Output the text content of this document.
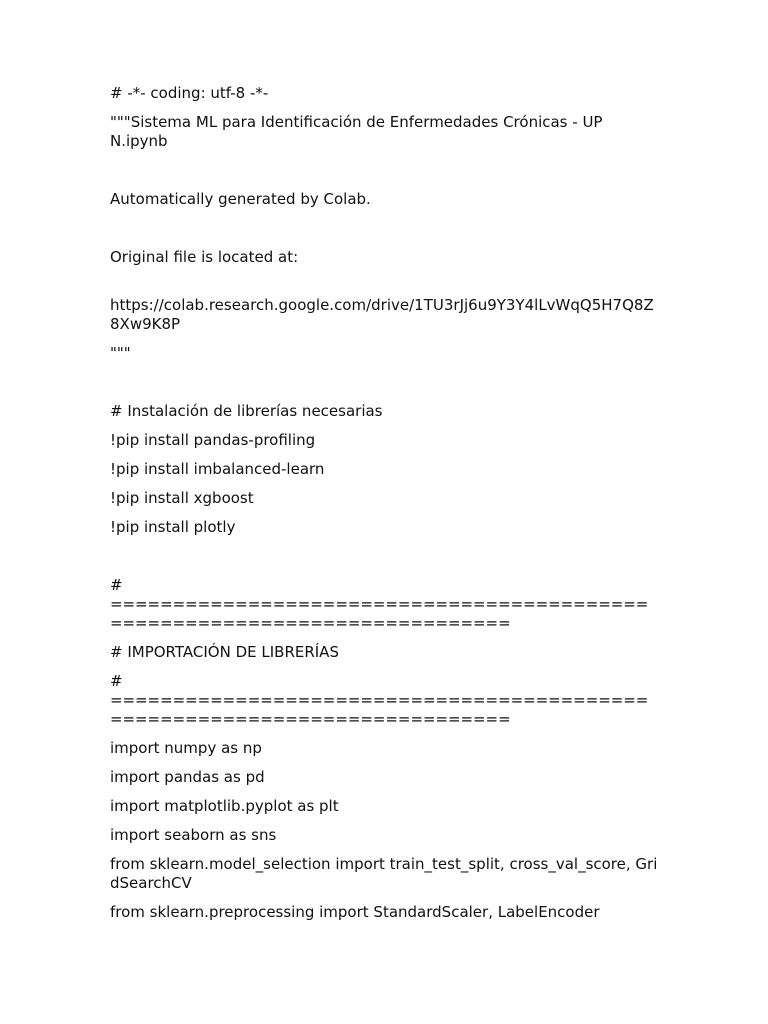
# -*- coding: utf-8 -*-

"""Sistema ML para Identificación de Enfermedades Crónicas - UPN.ipynb

Automatically generated by Colab.

Original file is located at:

https://colab.research.google.com/drive/1TU3rJj6u9Y3Y4lLvWqQ5H7Q8Z8Xw9K8P

"""

# Instalación de librerías necesarias

!pip install pandas-profiling

!pip install imbalanced-learn

!pip install xgboost

!pip install plotly

#

===========================================================================

# IMPORTACIÓN DE LIBRERÍAS

#

===========================================================================

import numpy as np

import pandas as pd

import matplotlib.pyplot as plt

import seaborn as sns

from sklearn.model_selection import train_test_split, cross_val_score, GridSearchCV

from sklearn.preprocessing import StandardScaler, LabelEncoder
